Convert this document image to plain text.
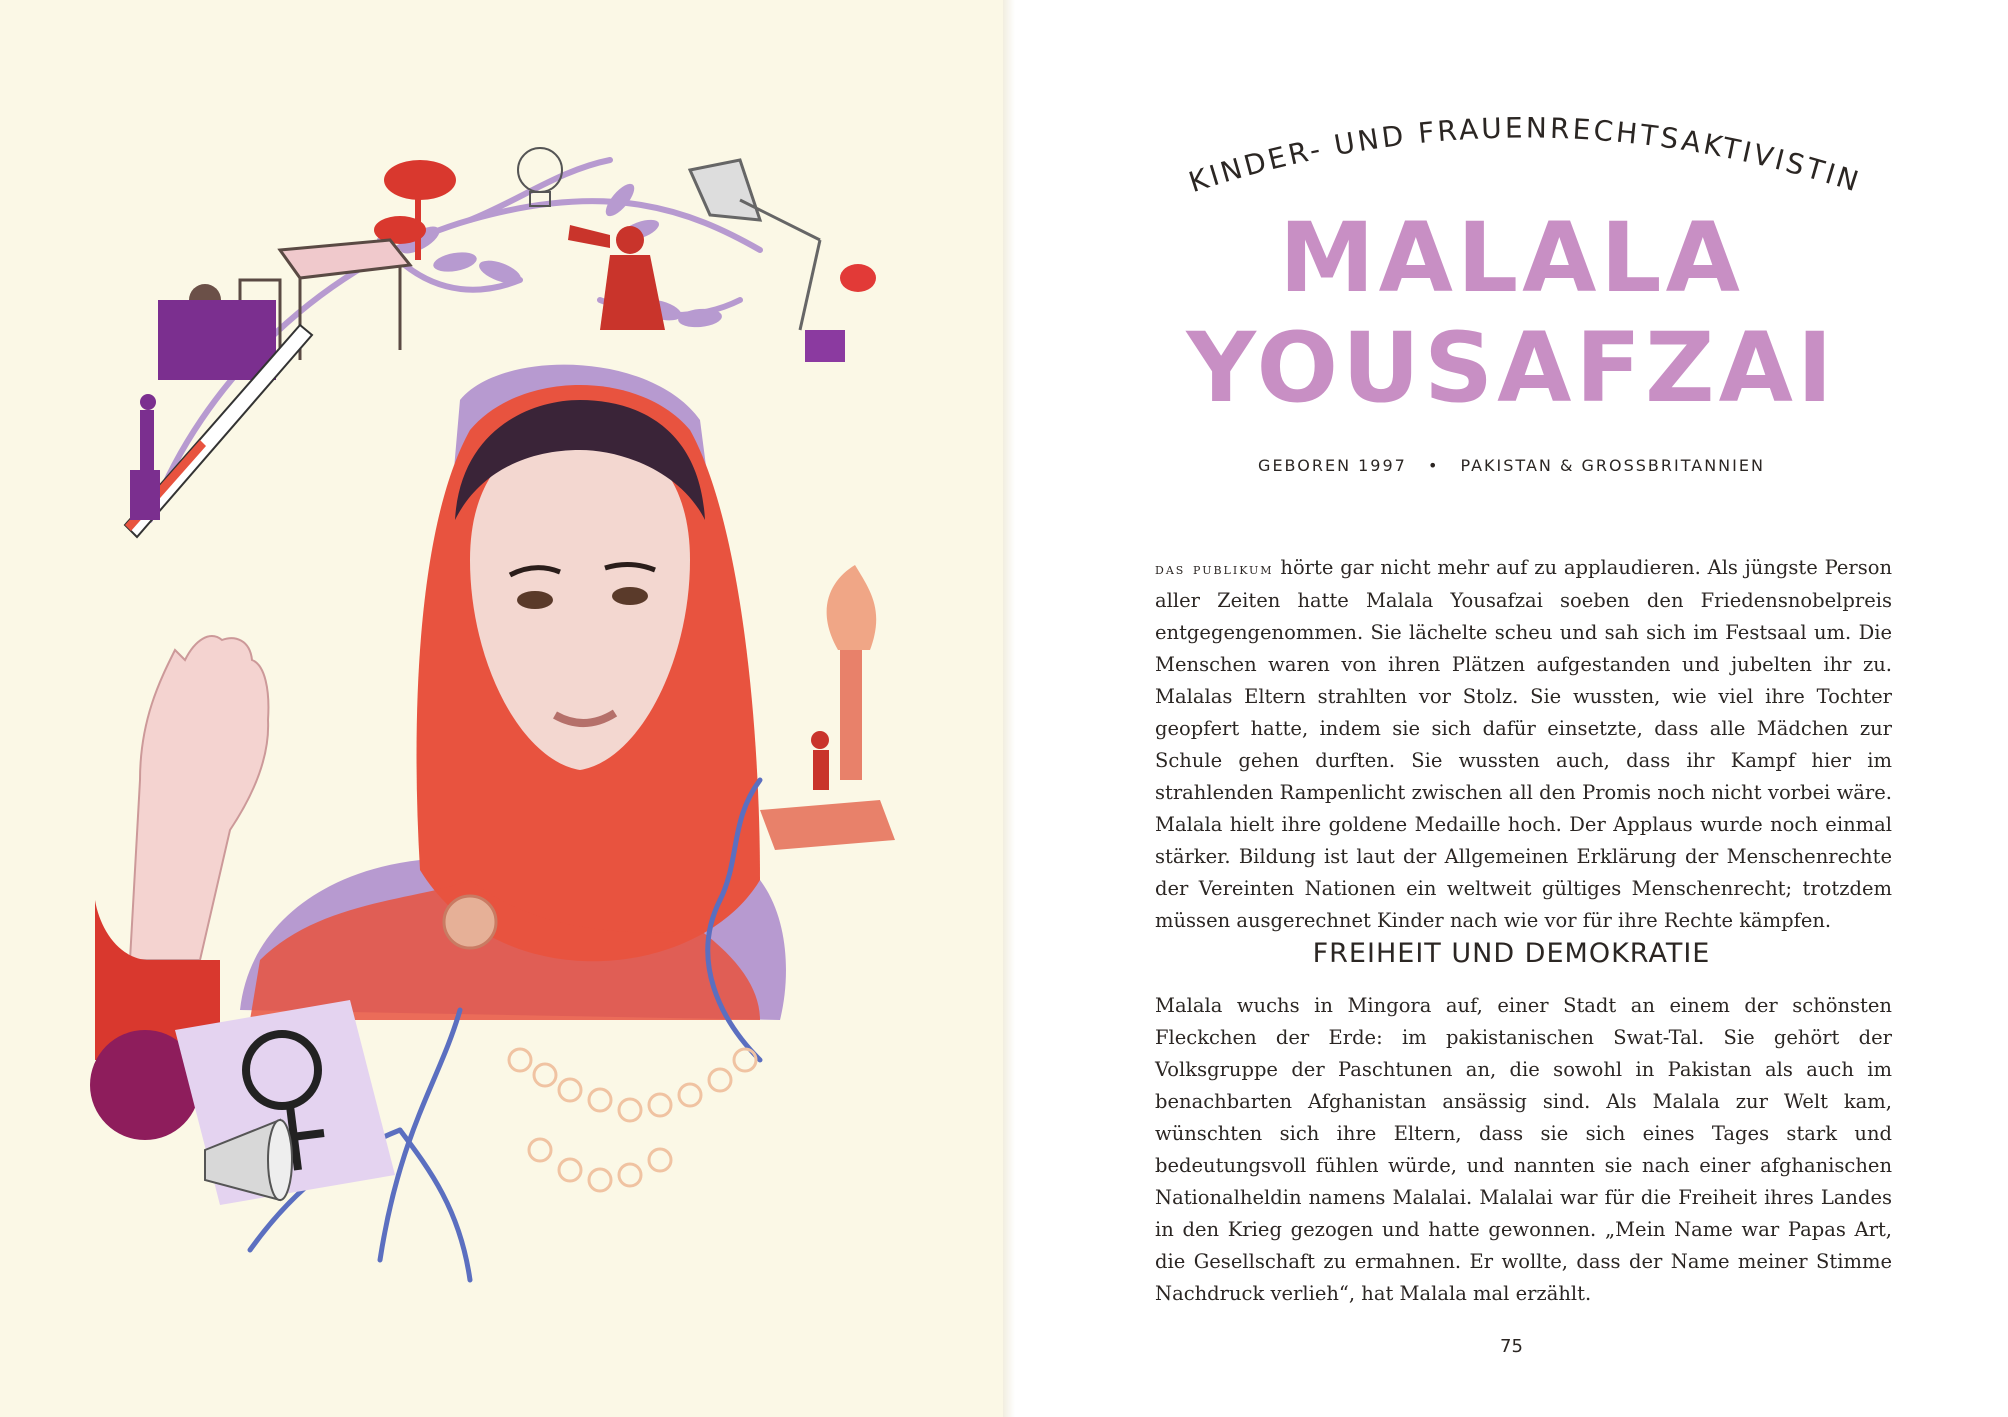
KINDER- UND FRAUENRECHTSAKTIVISTIN
MALALA
YOUSAFZAI
GEBOREN 1997 • PAKISTAN & GROSSBRITANNIEN

das publikum hörte gar nicht mehr auf zu applaudieren. Als jüngste Person aller Zeiten hatte Malala Yousafzai soeben den Friedensnobelpreis entgegengenommen. Sie lächelte scheu und sah sich im Festsaal um. Die Menschen waren von ihren Plätzen aufgestanden und jubelten ihr zu. Malalas Eltern strahlten vor Stolz. Sie wussten, wie viel ihre Tochter geopfert hatte, indem sie sich dafür einsetzte, dass alle Mädchen zur Schule gehen durften. Sie wussten auch, dass ihr Kampf hier im strahlenden Rampenlicht zwischen all den Promis noch nicht vorbei wäre. Malala hielt ihre goldene Medaille hoch. Der Applaus wurde noch einmal stärker. Bildung ist laut der Allgemeinen Erklärung der Menschenrechte der Vereinten Nationen ein weltweit gültiges Menschenrecht; trotzdem müssen ausgerechnet Kinder nach wie vor für ihre Rechte kämpfen.

FREIHEIT UND DEMOKRATIE

Malala wuchs in Mingora auf, einer Stadt an einem der schönsten Fleckchen der Erde: im pakistanischen Swat-Tal. Sie gehört der Volksgruppe der Paschtunen an, die sowohl in Pakistan als auch im benachbarten Afghanistan ansässig sind. Als Malala zur Welt kam, wünschten sich ihre Eltern, dass sie sich eines Tages stark und bedeutungsvoll fühlen würde, und nannten sie nach einer afghanischen Nationalheldin namens Malalai. Malalai war für die Freiheit ihres Landes in den Krieg gezogen und hatte gewonnen. „Mein Name war Papas Art, die Gesellschaft zu ermahnen. Er wollte, dass der Name meiner Stimme Nachdruck verlieh“, hat Malala mal erzählt.

75
